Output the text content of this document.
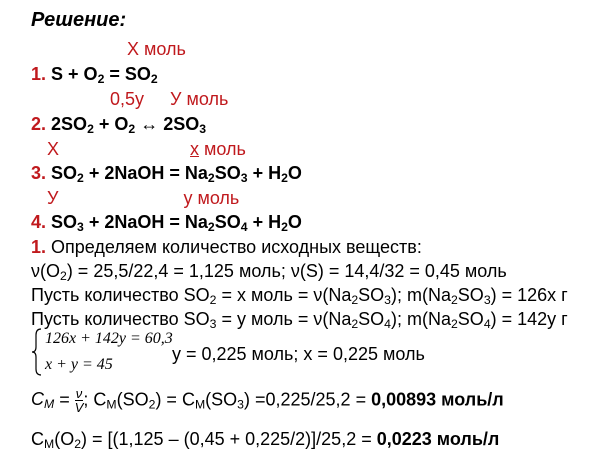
Решение:
Х моль
1. $S + O_2 = SO_2$
0,5у У моль
2. $2SO_2 + O_2$ ↔ $2SO_3$
Х	х моль
3. $SO_2$ + 2NaOH = $Na_2SO_3 + H_2O$
У	у моль
4. $SO_3$ + 2NaOH = $Na_2SO_4 + H_2O$
1. Определяем количество исходных веществ:
$\nu(O_2) = 25,5/22,4 = 1,125$ моль; ν(S) = 14,4/32 = 0,45 моль
Пусть количество $SO_2 = х$ моль = $\nu(Na_2SO_3)$; $m(Na_2SO_3) = 126х$ г
Пусть количество $SO_3 = у$ моль = $\nu(Na_2SO_4)$; $m(Na_2SO_4) = 142у$ г
126x + 142y = 60,3
x + y = 45
у = 0,225 моль; х = 0,225 моль
$C_M = \frac{\nu}{V}$ ; $C_M(SO_2) = C_M(SO_3) =0,225/25,2 = 0,00893$ моль/л
$C_M(O_2) = [(1,125 - (0,45 + 0,225/2)]/25,2 = 0,0223$ моль/л
